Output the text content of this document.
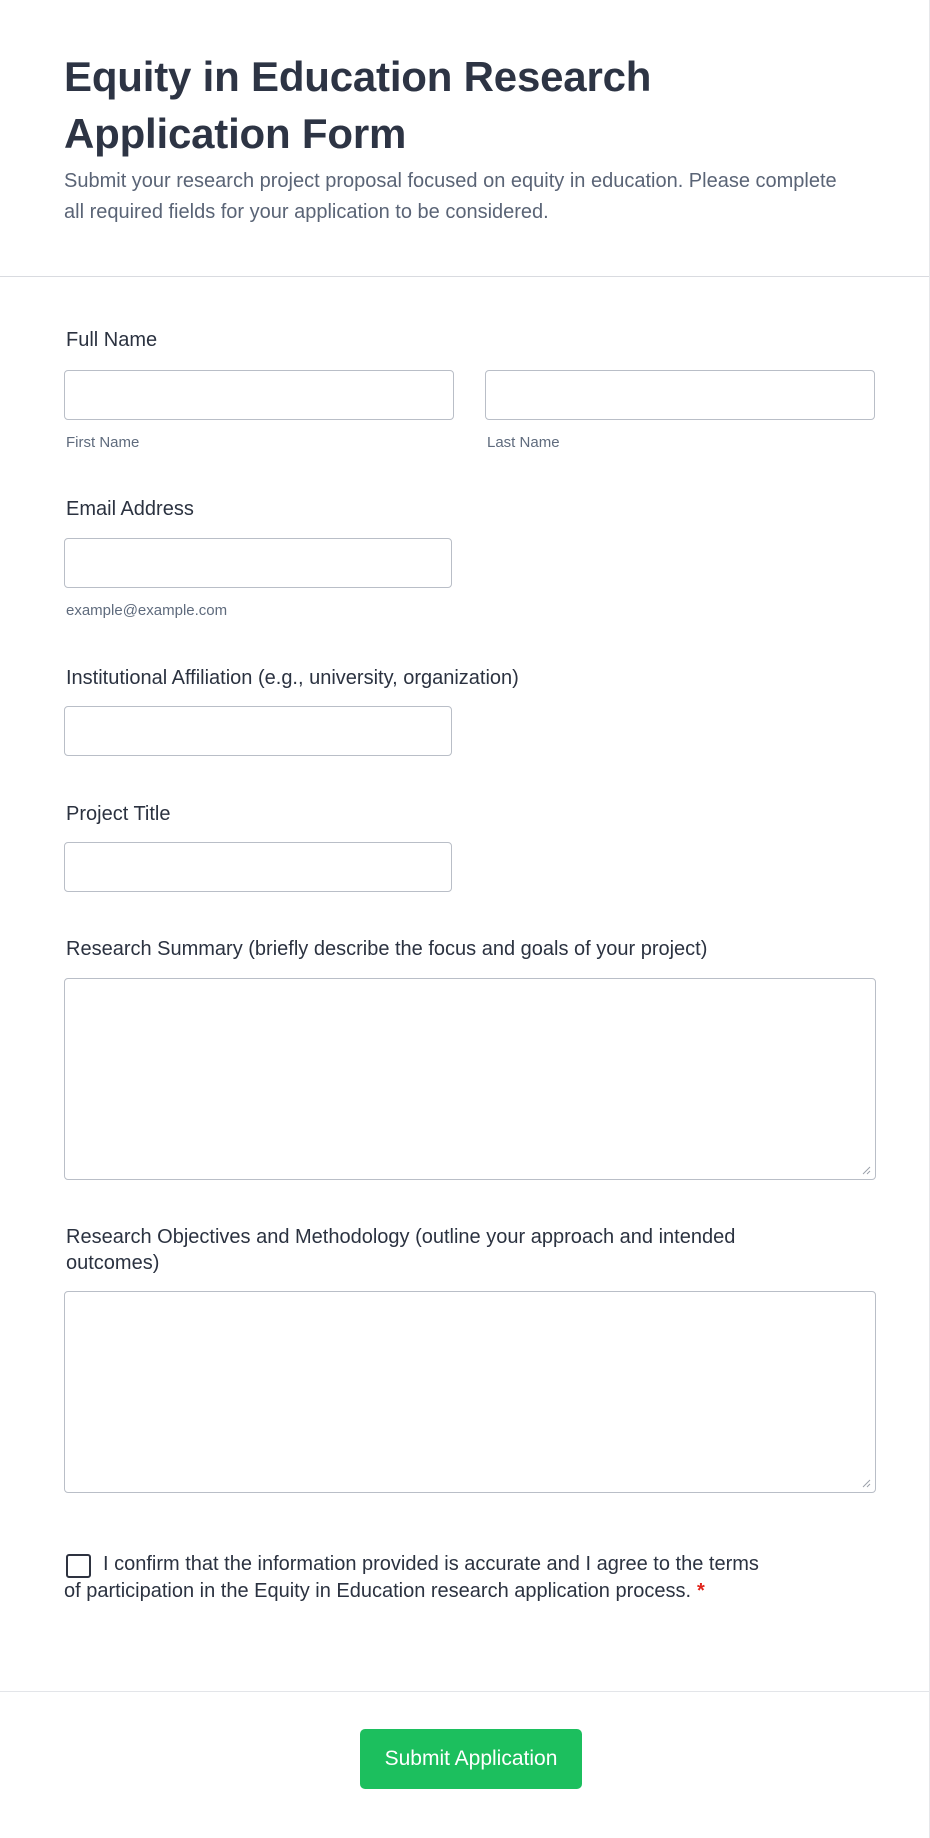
Equity in Education Research Application Form

Submit your research project proposal focused on equity in education. Please complete all required fields for your application to be considered.

Full Name
First Name	Last Name
Email Address
example@example.com
Institutional Affiliation (e.g., university, organization)
Project Title
Research Summary (briefly describe the focus and goals of your project)
Research Objectives and Methodology (outline your approach and intended outcomes)
I confirm that the information provided is accurate and I agree to the terms of participation in the Equity in Education research application process. *
Submit Application
